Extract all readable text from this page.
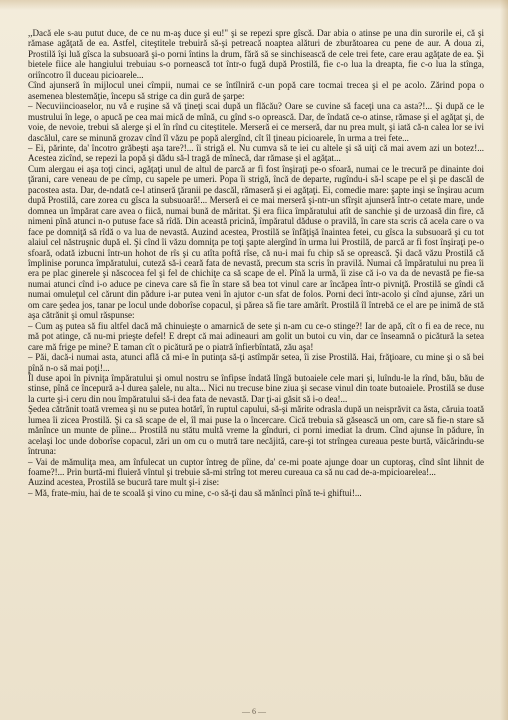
,,Dacă ele s-au putut duce, de ce nu m-aş duce şi eu!" şi se repezi spre gîscă. Dar abia o atinse pe una din surorile ei, că şi rămase agăţată de ea. Astfel, citeştitele trebuiră să-şi petreacă noaptea alături de zburătoarea cu pene de aur. A doua zi, Prostilă îşi luă gîsca la subsuoară şi-o porni întins la drum, fără să se sinchisească de cele trei fete, care erau agăţate de ea. Şi bietele fiice ale hangiului trebuiau s-o pornească tot într-o fugă după Prostilă, fie c-o lua la dreapta, fie c-o lua la stînga, oriîncotro îl duceau picioarele...

Cînd ajunseră în mijlocul unei cîmpii, numai ce se întîlniră c-un popă care tocmai trecea şi el pe acolo. Zărind popa o asemenea blestemăţie, începu să strige ca din gură de şarpe:

– Necuviincioaselor, nu vă e ruşine să vă ţineţi scai după un flăcău? Oare se cuvine să faceţi una ca asta?!... Şi după ce le mustrului în lege, o apucă pe cea mai mică de mînă, cu gînd s-o oprească. Dar, de îndată ce-o atinse, rămase şi el agăţat şi, de voie, de nevoie, trebui să alerge şi el în rînd cu citeştitele. Merseră ei ce merseră, dar nu prea mult, şi iată că-n calea lor se ivi dascălul, care se minună grozav cînd îl văzu pe popă alergînd, cît îl ţineau picioarele, în urma a trei fete...

– Ei, părinte, da' încotro grăbeşti aşa tare?!... îi strigă el. Nu cumva să te iei cu altele şi să uiţi că mai avem azi un botez!... Acestea zicînd, se repezi la popă şi dădu să-l tragă de mînecă, dar rămase şi el agăţat...

Cum alergau ei aşa toţi cinci, agăţaţi unul de altul de parcă ar fi fost înşiraţi pe-o sfoară, numai ce le trecură pe dinainte doi ţărani, care veneau de pe cîmp, cu sapele pe umeri. Popa îi strigă, încă de departe, rugîndu-i să-l scape pe el şi pe dascăl de pacostea asta. Dar, de-ndată ce-l atinseră ţăranii pe dascăl, rămaseră şi ei agăţaţi. Ei, comedie mare: şapte inşi se înşirau acum după Prostilă, care zorea cu gîsca la subsuoară!... Merseră ei ce mai merseră şi-ntr-un sfîrşit ajunseră într-o cetate mare, unde domnea un împărat care avea o fiică, numai bună de măritat. Şi era fiica împăratului atît de sanchie şi de urzoasă din fire, că nimeni pînă atunci n-o putuse face să rîdă. Din această pricină, împăratul dăduse o pravilă, în care sta scris că acela care o va face pe domniţă să rîdă o va lua de nevastă. Auzind acestea, Prostilă se înfăţişă înaintea fetei, cu gîsca la subsuoară şi cu tot alaiul cel năstruşnic după el. Şi cînd îi văzu domniţa pe toţi şapte alergînd în urma lui Prostilă, de parcă ar fi fost înşiraţi pe-o sfoară, odată izbucni într-un hohot de rîs şi cu atîta poftă rîse, că nu-i mai fu chip să se oprească. Şi dacă văzu Prostilă că împlinise porunca împăratului, cuteză să-i ceară fata de nevastă, precum sta scris în pravilă. Numai că împăratului nu prea îi era pe plac ginerele şi născocea fel şi fel de chichiţe ca să scape de el. Pînă la urmă, îi zise că i-o va da de nevastă pe fie-sa numai atunci cînd i-o aduce pe cineva care să fie în stare să bea tot vinul care ar încăpea într-o pivniţă. Prostilă se gîndi că numai omuleţul cel cărunt din pădure i-ar putea veni în ajutor c-un sfat de folos. Porni deci într-acolo şi cînd ajunse, zări un om care şedea jos, tanar pe locul unde doborîse copacul, şi părea să fie tare amărît. Prostilă îl întrebă ce el are pe inimă de stă aşa cătrănit şi omul răspunse:

– Cum aş putea să fiu altfel dacă mă chinuieşte o amarnică de sete şi n-am cu ce-o stinge?! Iar de apă, cît o fi ea de rece, nu mă pot atinge, că nu-mi prieşte defel! E drept că mai adineauri am golit un butoi cu vin, dar ce înseamnă o picătură la setea care mă frige pe mine? E taman cît o picătură pe o piatră înfierbîntată, zău aşa!

– Păi, dacă-i numai asta, atunci află că mi-e în putinţa să-ţi astîmpăr setea, îi zise Prostilă. Hai, frăţioare, cu mine şi o să bei pînă n-o să mai poţi!...

Îl duse apoi în pivniţa împăratului şi omul nostru se înfipse îndată lîngă butoaiele cele mari şi, luîndu-le la rînd, bău, bău de stinse, pînă ce începură a-l durea şalele, nu alta... Nici nu trecuse bine ziua şi secase vinul din toate butoaiele. Prostilă se duse la curte şi-i ceru din nou împăratului să-i dea fata de nevastă. Dar ţi-ai găsit să i-o dea!...

Şedea cătrănit toată vremea şi nu se putea hotărî, în ruptul capului, să-şi mărite odrasla după un neisprăvit ca ăsta, căruia toată lumea îi zicea Prostilă. Şi ca să scape de el, îl mai puse la o încercare. Cică trebuia să găsească un om, care să fie-n stare să mănînce un munte de pîine... Prostilă nu stătu multă vreme la gînduri, ci porni imediat la drum. Cînd ajunse în pădure, în acelaşi loc unde doborîse copacul, zări un om cu o mutră tare necăjită, care-şi tot strîngea cureaua peste burtă, văicărindu-se întruna:

– Vai de mămuliţa mea, am înfulecat un cuptor întreg de pîine, da' ce-mi poate ajunge doar un cuptoraş, cînd sînt lihnit de foame?!... Prin burtă-mi fluieră vîntul şi trebuie să-mi strîng tot mereu cureaua ca să nu cad de-a-mpicioarelea!...

Auzind acestea, Prostilă se bucură tare mult şi-i zise:

– Mă, frate-miu, hai de te scoală şi vino cu mine, c-o să-ţi dau să mănînci pînă te-i ghiftui!...

— 6 —
